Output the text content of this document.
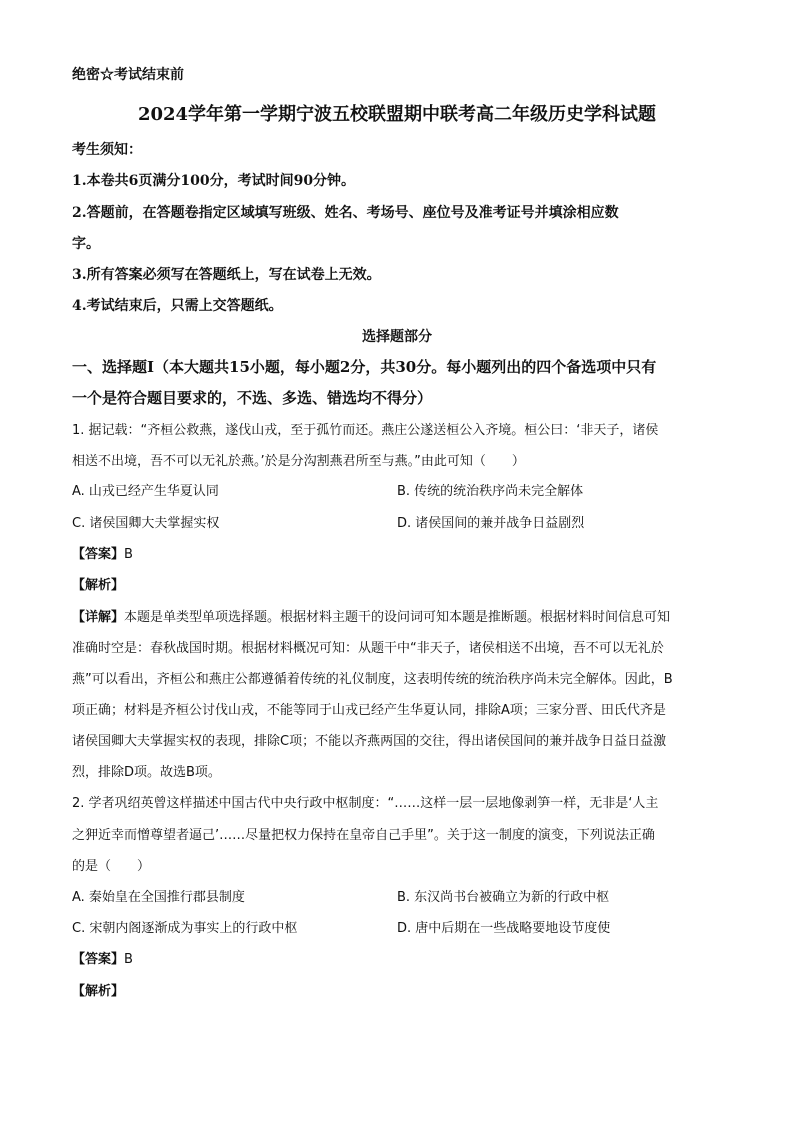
绝密☆考试结束前
2024学年第一学期宁波五校联盟期中联考高二年级历史学科试题
考生须知：
1.本卷共6页满分100分，考试时间90分钟。
2.答题前，在答题卷指定区域填写班级、姓名、考场号、座位号及准考证号并填涂相应数
字。
3.所有答案必须写在答题纸上，写在试卷上无效。
4.考试结束后，只需上交答题纸。
选择题部分
一、选择题Ⅰ（本大题共15小题，每小题2分，共30分。每小题列出的四个备选项中只有
一个是符合题目要求的，不选、多选、错选均不得分）
1. 据记载：“齐桓公救燕，遂伐山戎，至于孤竹而还。燕庄公遂送桓公入齐境。桓公曰：‘非天子，诸侯
相送不出境，吾不可以无礼於燕。’於是分沟割燕君所至与燕。”由此可知（　　）
A. 山戎已经产生华夏认同	B. 传统的统治秩序尚未完全解体
C. 诸侯国卿大夫掌握实权	D. 诸侯国间的兼并战争日益剧烈
【答案】B
【解析】
【详解】本题是单类型单项选择题。根据材料主题干的设问词可知本题是推断题。根据材料时间信息可知
准确时空是：春秋战国时期。根据材料概况可知：从题干中“非天子，诸侯相送不出境，吾不可以无礼於
燕”可以看出，齐桓公和燕庄公都遵循着传统的礼仪制度，这表明传统的统治秩序尚未完全解体。因此，B
项正确；材料是齐桓公讨伐山戎，不能等同于山戎已经产生华夏认同，排除A项；三家分晋、田氏代齐是
诸侯国卿大夫掌握实权的表现，排除C项；不能以齐燕两国的交往，得出诸侯国间的兼并战争日益日益激
烈，排除D项。故选B项。
2. 学者巩绍英曾这样描述中国古代中央行政中枢制度：“……这样一层一层地像剥笋一样，无非是‘人主
之狎近幸而憎尊望者逼己’……尽量把权力保持在皇帝自己手里”。关于这一制度的演变，下列说法正确
的是（　　）
A. 秦始皇在全国推行郡县制度	B. 东汉尚书台被确立为新的行政中枢
C. 宋朝内阁逐渐成为事实上的行政中枢	D. 唐中后期在一些战略要地设节度使
【答案】B
【解析】
